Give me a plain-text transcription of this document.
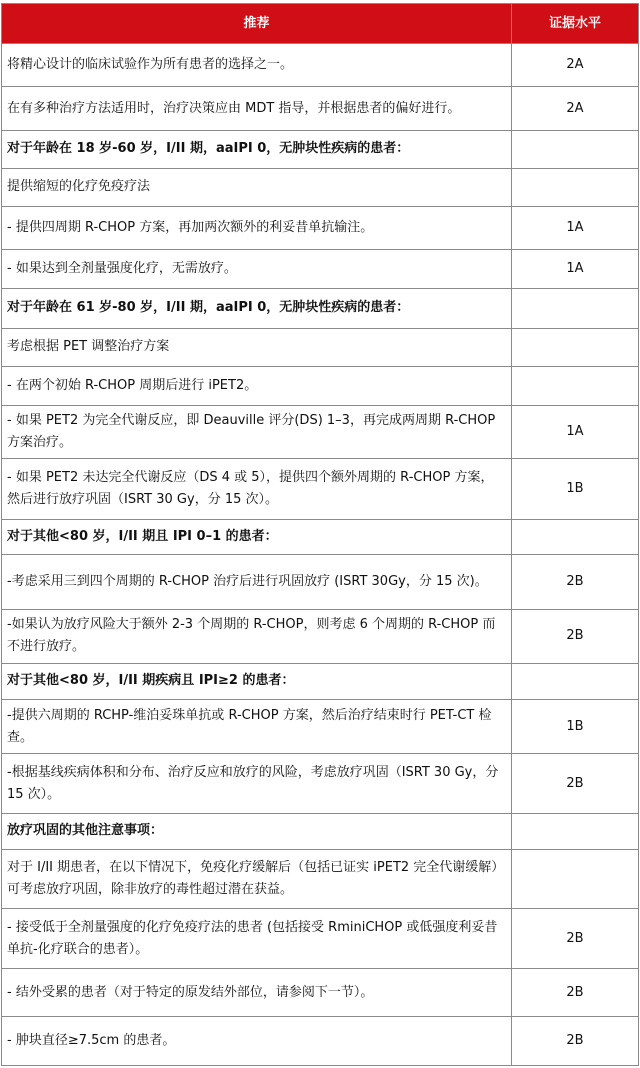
推荐	证据水平
将精心设计的临床试验作为所有患者的选择之一。	2A
在有多种治疗方法适用时，治疗决策应由 MDT 指导，并根据患者的偏好进行。	2A
对于年龄在 18 岁-60 岁，I/II 期，aaIPI 0，无肿块性疾病的患者：	
提供缩短的化疗免疫疗法	
- 提供四周期 R-CHOP 方案，再加两次额外的利妥昔单抗输注。	1A
- 如果达到全剂量强度化疗，无需放疗。	1A
对于年龄在 61 岁-80 岁，I/II 期，aaIPI 0，无肿块性疾病的患者：	
考虑根据 PET 调整治疗方案	
- 在两个初始 R-CHOP 周期后进行 iPET2。	
- 如果 PET2 为完全代谢反应，即 Deauville 评分(DS) 1–3，再完成两周期 R-CHOP 方案治疗。	1A
- 如果 PET2 未达完全代谢反应（DS 4 或 5），提供四个额外周期的 R-CHOP 方案，然后进行放疗巩固（ISRT 30 Gy，分 15 次）。	1B
对于其他<80 岁，I/II 期且 IPI 0–1 的患者：	
-考虑采用三到四个周期的 R-CHOP 治疗后进行巩固放疗 (ISRT 30Gy，分 15 次)。	2B
-如果认为放疗风险大于额外 2-3 个周期的 R-CHOP，则考虑 6 个周期的 R-CHOP 而不进行放疗。	2B
对于其他<80 岁，I/II 期疾病且 IPI≥2 的患者：	
-提供六周期的 RCHP-维泊妥珠单抗或 R-CHOP 方案，然后治疗结束时行 PET-CT 检查。	1B
-根据基线疾病体积和分布、治疗反应和放疗的风险，考虑放疗巩固（ISRT 30 Gy，分 15 次）。	2B
放疗巩固的其他注意事项：	
对于 I/II 期患者，在以下情况下，免疫化疗缓解后（包括已证实 iPET2 完全代谢缓解）可考虑放疗巩固，除非放疗的毒性超过潜在获益。	
- 接受低于全剂量强度的化疗免疫疗法的患者 (包括接受 RminiCHOP 或低强度利妥昔单抗-化疗联合的患者）。	2B
- 结外受累的患者（对于特定的原发结外部位，请参阅下一节）。	2B
- 肿块直径≥7.5cm 的患者。	2B
